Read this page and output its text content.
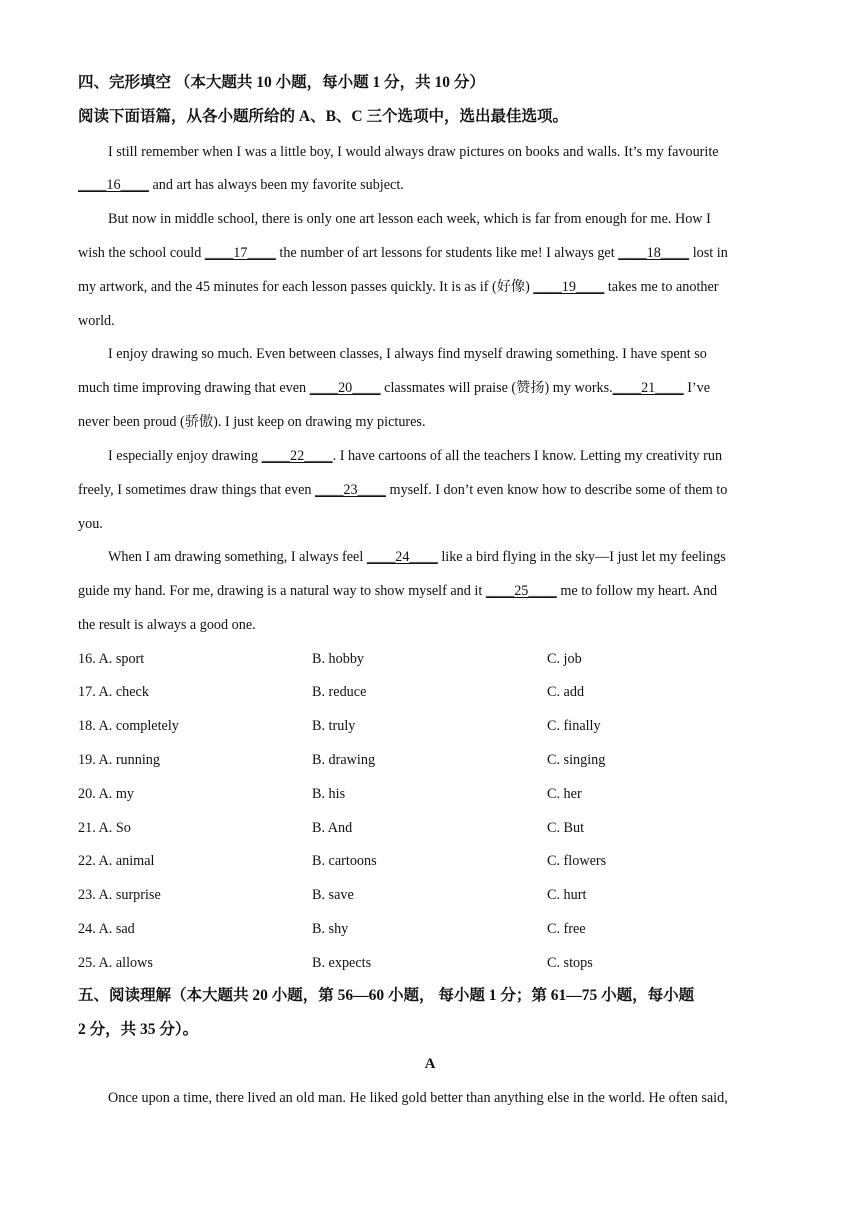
四、完形填空 （本大题共 10 小题，每小题 1 分，共 10 分）
阅读下面语篇，从各小题所给的 A、B、C 三个选项中，选出最佳选项。
I still remember when I was a little boy, I would always draw pictures on books and walls. It’s my favourite
____16____ and art has always been my favorite subject.
But now in middle school, there is only one art lesson each week, which is far from enough for me. How I
wish the school could ____17____ the number of art lessons for students like me! I always get ____18____ lost in
my artwork, and the 45 minutes for each lesson passes quickly. It is as if (好像) ____19____ takes me to another
world.
I enjoy drawing so much. Even between classes, I always find myself drawing something. I have spent so
much time improving drawing that even ____20____ classmates will praise (赞扬) my works.____21____ I’ve
never been proud (骄傲). I just keep on drawing my pictures.
I especially enjoy drawing ____22____. I have cartoons of all the teachers I know. Letting my creativity run
freely, I sometimes draw things that even ____23____ myself. I don’t even know how to describe some of them to
you.
When I am drawing something, I always feel ____24____ like a bird flying in the sky—I just let my feelings
guide my hand. For me, drawing is a natural way to show myself and it ____25____ me to follow my heart. And
the result is always a good one.
16. A. sport	B. hobby	C. job
17. A. check	B. reduce	C. add
18. A. completely	B. truly	C. finally
19. A. running	B. drawing	C. singing
20. A. my	B. his	C. her
21. A. So	B. And	C. But
22. A. animal	B. cartoons	C. flowers
23. A. surprise	B. save	C. hurt
24. A. sad	B. shy	C. free
25. A. allows	B. expects	C. stops
五、阅读理解（本大题共 20 小题，第 56—60 小题， 每小题 1 分；第 61—75 小题，每小题
2 分，共 35 分）。
A
Once upon a time, there lived an old man. He liked gold better than anything else in the world. He often said,
